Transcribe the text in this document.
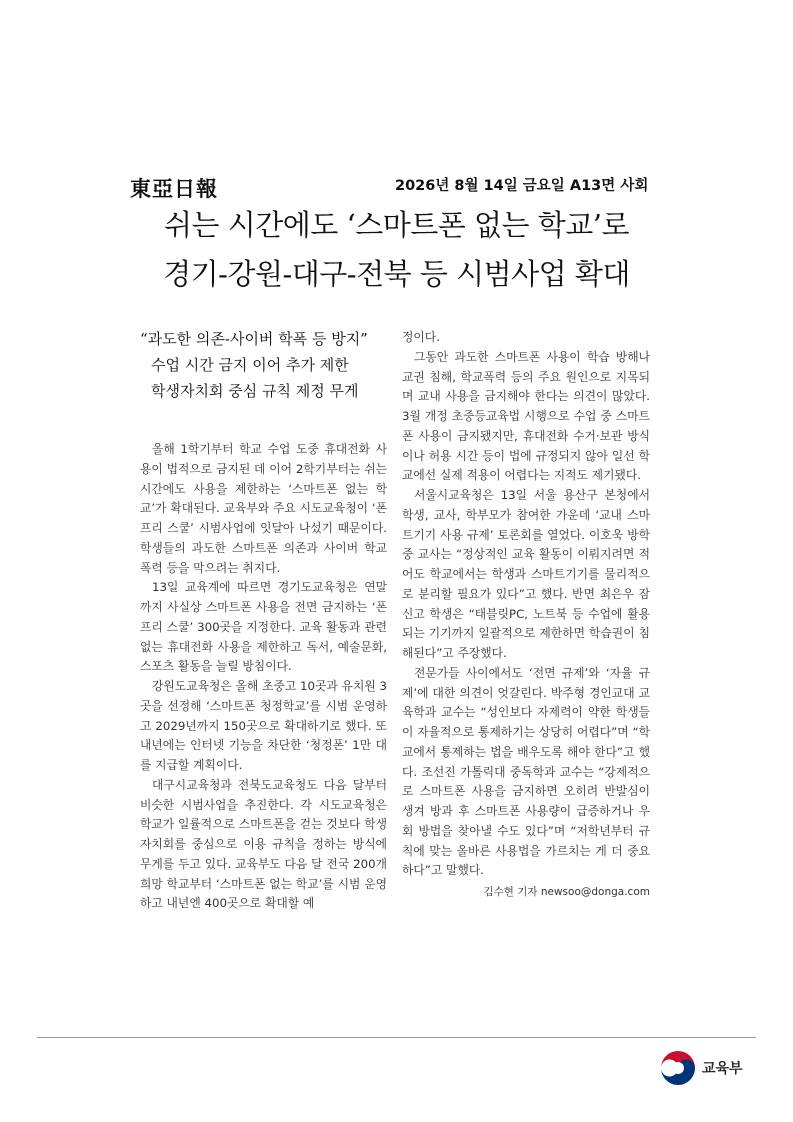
東亞日報	2026년 8월 14일 금요일 A13면 사회
쉬는 시간에도 ‘스마트폰 없는 학교’로
경기-강원-대구-전북 등 시범사업 확대
“과도한 의존-사이버 학폭 등 방지”
수업 시간 금지 이어 추가 제한
학생자치회 중심 규칙 제정 무게

올해 1학기부터 학교 수업 도중 휴대전화 사용이 법적으로 금지된 데 이어 2학기부터는 쉬는 시간에도 사용을 제한하는 ‘스마트폰 없는 학교’가 확대된다. 교육부와 주요 시도교육청이 ‘폰 프리 스쿨’ 시범사업에 잇달아 나섰기 때문이다. 학생들의 과도한 스마트폰 의존과 사이버 학교 폭력 등을 막으려는 취지다.

13일 교육계에 따르면 경기도교육청은 연말까지 사실상 스마트폰 사용을 전면 금지하는 ‘폰 프리 스쿨’ 300곳을 지정한다. 교육 활동과 관련 없는 휴대전화 사용을 제한하고 독서, 예술문화, 스포츠 활동을 늘릴 방침이다.

강원도교육청은 올해 초중고 10곳과 유치원 3곳을 선정해 ‘스마트폰 청정학교’를 시범 운영하고 2029년까지 150곳으로 확대하기로 했다. 또 내년에는 인터넷 기능을 차단한 ‘청정폰’ 1만 대를 지급할 계획이다.

대구시교육청과 전북도교육청도 다음 달부터 비슷한 시범사업을 추진한다. 각 시도교육청은 학교가 일률적으로 스마트폰을 걷는 것보다 학생자치회를 중심으로 이용 규칙을 정하는 방식에 무게를 두고 있다. 교육부도 다음 달 전국 200개 희망 학교부터 ‘스마트폰 없는 학교’를 시범 운영하고 내년엔 400곳으로 확대할 예

정이다.

그동안 과도한 스마트폰 사용이 학습 방해나 교권 침해, 학교폭력 등의 주요 원인으로 지목되며 교내 사용을 금지해야 한다는 의견이 많았다. 3월 개정 초중등교육법 시행으로 수업 중 스마트폰 사용이 금지됐지만, 휴대전화 수거·보관 방식이나 허용 시간 등이 법에 규정되지 않아 일선 학교에선 실제 적용이 어렵다는 지적도 제기됐다.

서울시교육청은 13일 서울 용산구 본청에서 학생, 교사, 학부모가 참여한 가운데 ‘교내 스마트기기 사용 규제’ 토론회를 열었다. 이호욱 방학중 교사는 “정상적인 교육 활동이 이뤄지려면 적어도 학교에서는 학생과 스마트기기를 물리적으로 분리할 필요가 있다”고 했다. 반면 최은우 잠신고 학생은 “태블릿PC, 노트북 등 수업에 활용되는 기기까지 일괄적으로 제한하면 학습권이 침해된다”고 주장했다.

전문가들 사이에서도 ‘전면 규제’와 ‘자율 규제’에 대한 의견이 엇갈린다. 박주형 경인교대 교육학과 교수는 “성인보다 자제력이 약한 학생들이 자율적으로 통제하기는 상당히 어렵다”며 “학교에서 통제하는 법을 배우도록 해야 한다”고 했다. 조선진 가톨릭대 중독학과 교수는 “강제적으로 스마트폰 사용을 금지하면 오히려 반발심이 생겨 방과 후 스마트폰 사용량이 급증하거나 우회 방법을 찾아낼 수도 있다”며 “저학년부터 규칙에 맞는 올바른 사용법을 가르치는 게 더 중요하다”고 말했다.

김수현 기자 newsoo@donga.com
교육부
